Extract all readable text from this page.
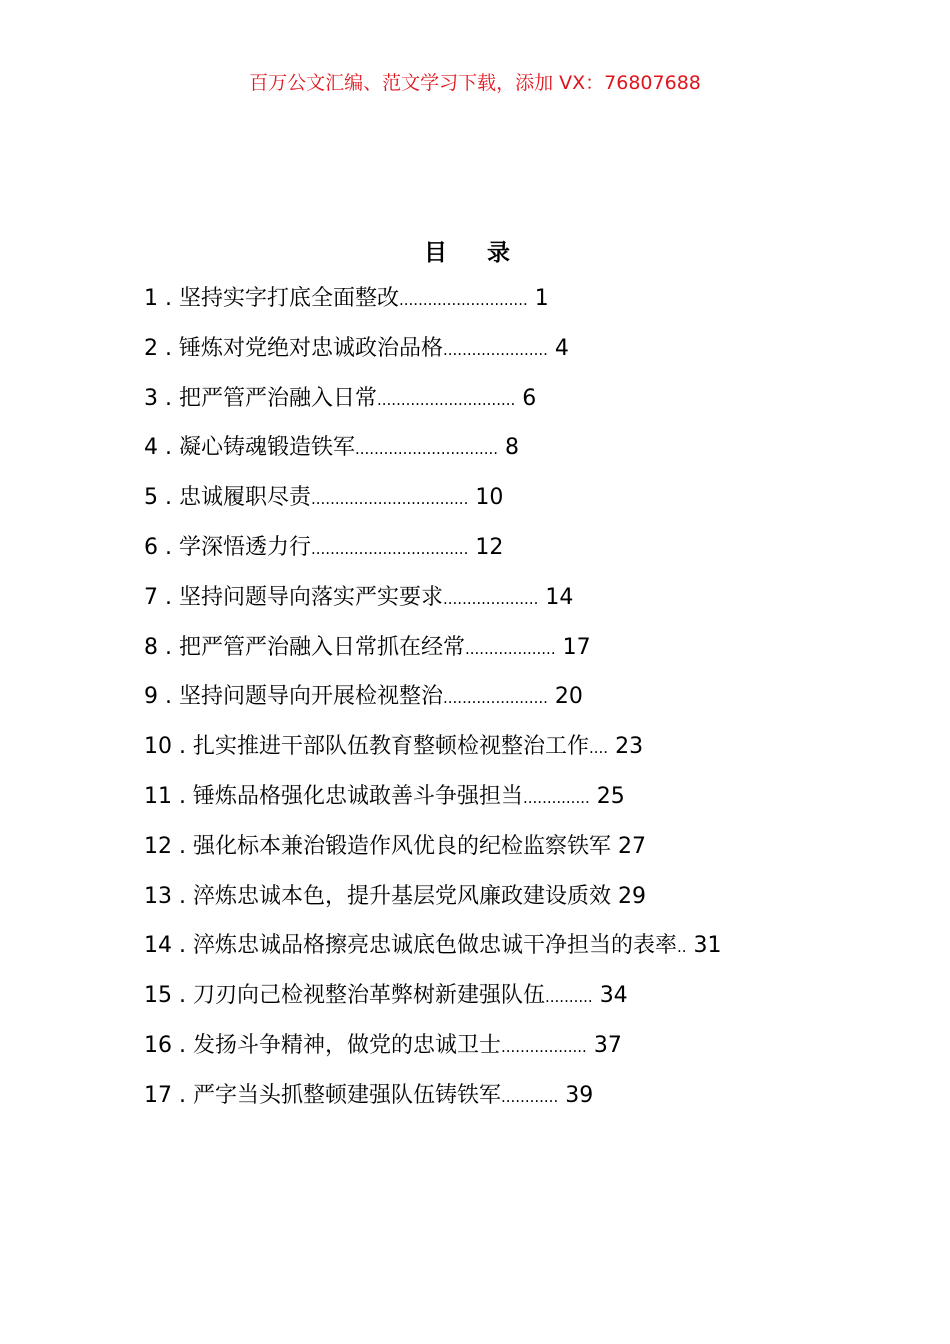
百万公文汇编、范文学习下载，添加 VX：76807688
目 录
1 . 坚持实字打底全面整改........................... 1
2 . 锤炼对党绝对忠诚政治品格...................... 4
3 . 把严管严治融入日常............................. 6
4 . 凝心铸魂锻造铁军.............................. 8
5 . 忠诚履职尽责................................. 10
6 . 学深悟透力行................................. 12
7 . 坚持问题导向落实严实要求.................... 14
8 . 把严管严治融入日常抓在经常................... 17
9 . 坚持问题导向开展检视整治...................... 20
10 . 扎实推进干部队伍教育整顿检视整治工作.... 23
11 . 锤炼品格强化忠诚敢善斗争强担当.............. 25
12 . 强化标本兼治锻造作风优良的纪检监察铁军 27
13 . 淬炼忠诚本色，提升基层党风廉政建设质效 29
14 . 淬炼忠诚品格擦亮忠诚底色做忠诚干净担当的表率.. 31
15 . 刀刃向己检视整治革弊树新建强队伍.......... 34
16 . 发扬斗争精神，做党的忠诚卫士.................. 37
17 . 严字当头抓整顿建强队伍铸铁军............ 39
